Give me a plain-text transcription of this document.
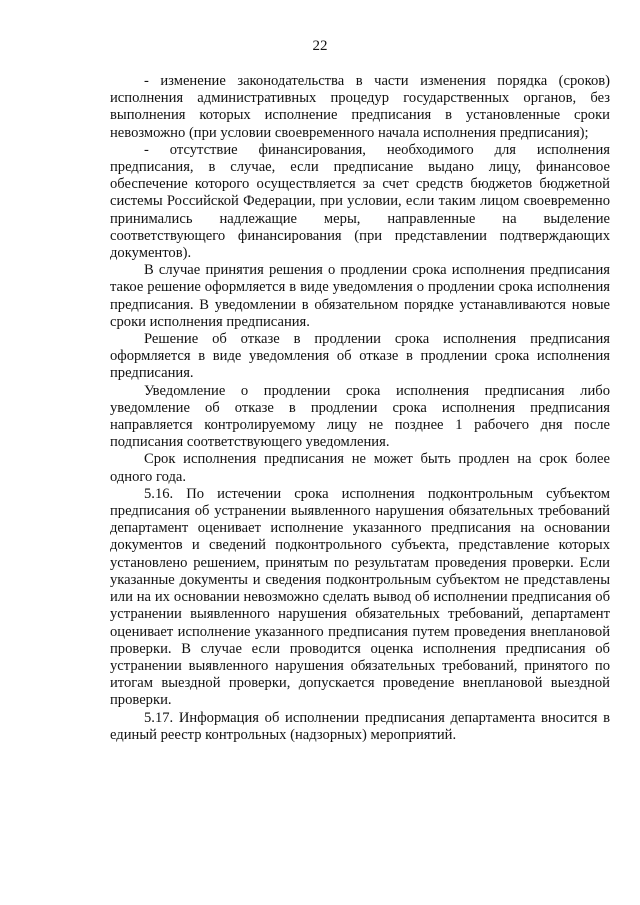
22

- изменение законодательства в части изменения порядка (сроков) исполнения административных процедур государственных органов, без выполнения которых исполнение предписания в установленные сроки невозможно (при условии своевременного начала исполнения предписания);

- отсутствие финансирования, необходимого для исполнения предписания, в случае, если предписание выдано лицу, финансовое обеспечение которого осуществляется за счет средств бюджетов бюджетной системы Российской Федерации, при условии, если таким лицом своевременно принимались надлежащие меры, направленные на выделение соответствующего финансирования (при представлении подтверждающих документов).

В случае принятия решения о продлении срока исполнения предписания такое решение оформляется в виде уведомления о продлении срока исполнения предписания. В уведомлении в обязательном порядке устанавливаются новые сроки исполнения предписания.

Решение об отказе в продлении срока исполнения предписания оформляется в виде уведомления об отказе в продлении срока исполнения предписания.

Уведомление о продлении срока исполнения предписания либо уведомление об отказе в продлении срока исполнения предписания направляется контролируемому лицу не позднее 1 рабочего дня после подписания соответствующего уведомления.

Срок исполнения предписания не может быть продлен на срок более одного года.

5.16. По истечении срока исполнения подконтрольным субъектом предписания об устранении выявленного нарушения обязательных требований департамент оценивает исполнение указанного предписания на основании документов и сведений подконтрольного субъекта, представление которых установлено решением, принятым по результатам проведения проверки. Если указанные документы и сведения подконтрольным субъектом не представлены или на их основании невозможно сделать вывод об исполнении предписания об устранении выявленного нарушения обязательных требований, департамент оценивает исполнение указанного предписания путем проведения внеплановой проверки. В случае если проводится оценка исполнения предписания об устранении выявленного нарушения обязательных требований, принятого по итогам выездной проверки, допускается проведение внеплановой выездной проверки.

5.17. Информация об исполнении предписания департамента вносится в единый реестр контрольных (надзорных) мероприятий.
